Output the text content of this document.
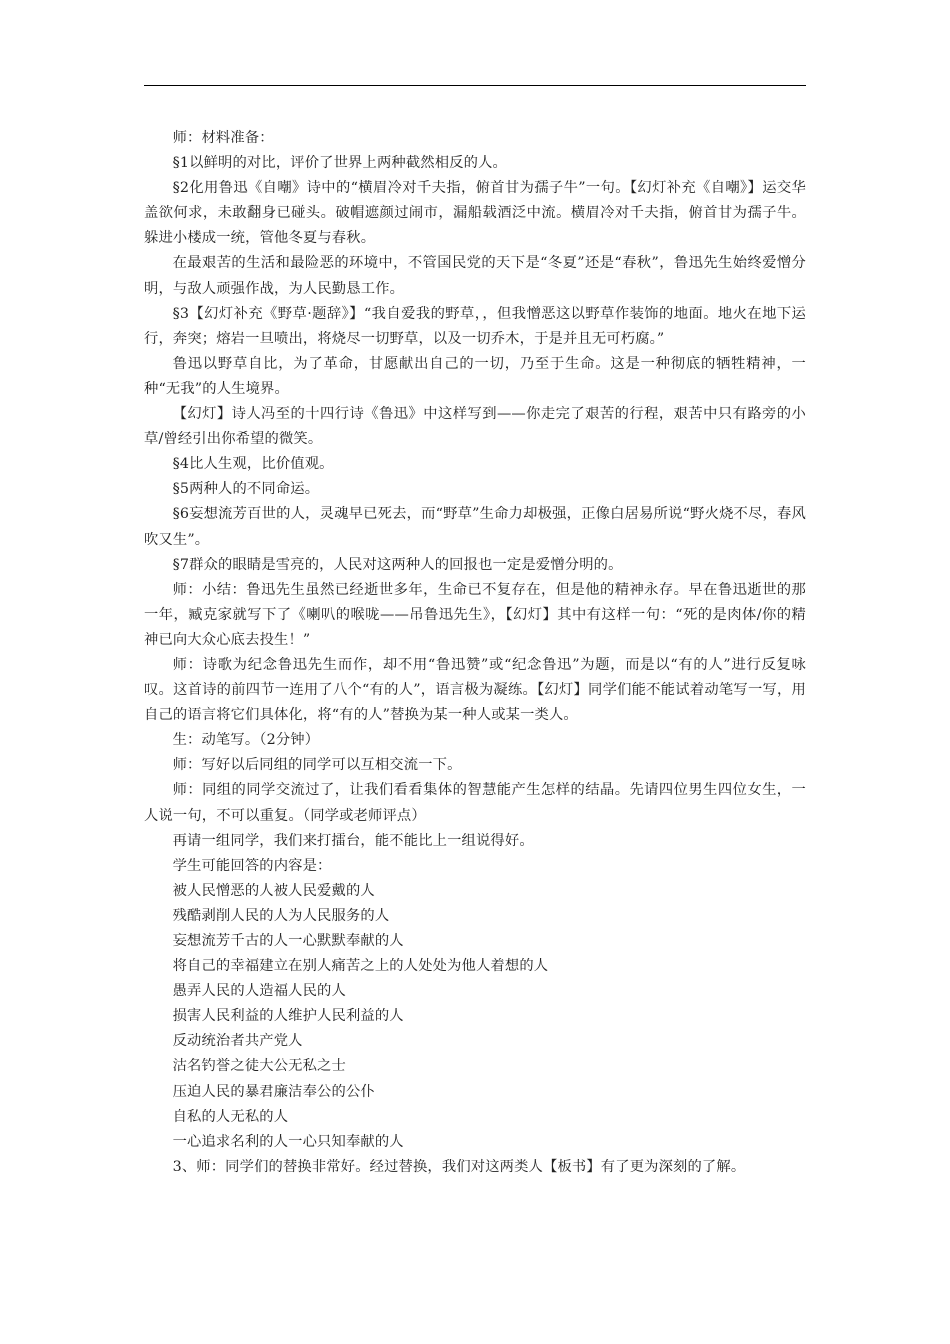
师：材料准备：

§1以鲜明的对比，评价了世界上两种截然相反的人。

§2化用鲁迅《自嘲》诗中的“横眉冷对千夫指，俯首甘为孺子牛”一句。【幻灯补充《自嘲》】运交华盖欲何求，未敢翻身已碰头。破帽遮颜过闹市，漏船载酒泛中流。横眉冷对千夫指，俯首甘为孺子牛。躲进小楼成一统，管他冬夏与春秋。

在最艰苦的生活和最险恶的环境中，不管国民党的天下是“冬夏”还是“春秋”，鲁迅先生始终爱憎分明，与敌人顽强作战，为人民勤恳工作。

§3【幻灯补充《野草·题辞》】“我自爱我的野草，，但我憎恶这以野草作装饰的地面。地火在地下运行，奔突；熔岩一旦喷出，将烧尽一切野草，以及一切乔木，于是并且无可朽腐。”

鲁迅以野草自比，为了革命，甘愿献出自己的一切，乃至于生命。这是一种彻底的牺牲精神，一种“无我”的人生境界。

【幻灯】诗人冯至的十四行诗《鲁迅》中这样写到——你走完了艰苦的行程，艰苦中只有路旁的小草/曾经引出你希望的微笑。

§4比人生观，比价值观。

§5两种人的不同命运。

§6妄想流芳百世的人，灵魂早已死去，而“野草”生命力却极强，正像白居易所说“野火烧不尽，春风吹又生”。

§7群众的眼睛是雪亮的，人民对这两种人的回报也一定是爱憎分明的。

师：小结：鲁迅先生虽然已经逝世多年，生命已不复存在，但是他的精神永存。早在鲁迅逝世的那一年，臧克家就写下了《喇叭的喉咙——吊鲁迅先生》，【幻灯】其中有这样一句：“死的是肉体/你的精神已向大众心底去投生！”

师：诗歌为纪念鲁迅先生而作，却不用“鲁迅赞”或“纪念鲁迅”为题，而是以“有的人”进行反复咏叹。这首诗的前四节一连用了八个“有的人”，语言极为凝练。【幻灯】同学们能不能试着动笔写一写，用自己的语言将它们具体化，将“有的人”替换为某一种人或某一类人。

生：动笔写。（2分钟）

师：写好以后同组的同学可以互相交流一下。

师：同组的同学交流过了，让我们看看集体的智慧能产生怎样的结晶。先请四位男生四位女生，一人说一句，不可以重复。（同学或老师评点）

再请一组同学，我们来打擂台，能不能比上一组说得好。

学生可能回答的内容是：

被人民憎恶的人被人民爱戴的人

残酷剥削人民的人为人民服务的人

妄想流芳千古的人一心默默奉献的人

将自己的幸福建立在别人痛苦之上的人处处为他人着想的人

愚弄人民的人造福人民的人

损害人民利益的人维护人民利益的人

反动统治者共产党人

沽名钓誉之徒大公无私之士

压迫人民的暴君廉洁奉公的公仆

自私的人无私的人

一心追求名利的人一心只知奉献的人

3、师：同学们的替换非常好。经过替换，我们对这两类人【板书】有了更为深刻的了解。
